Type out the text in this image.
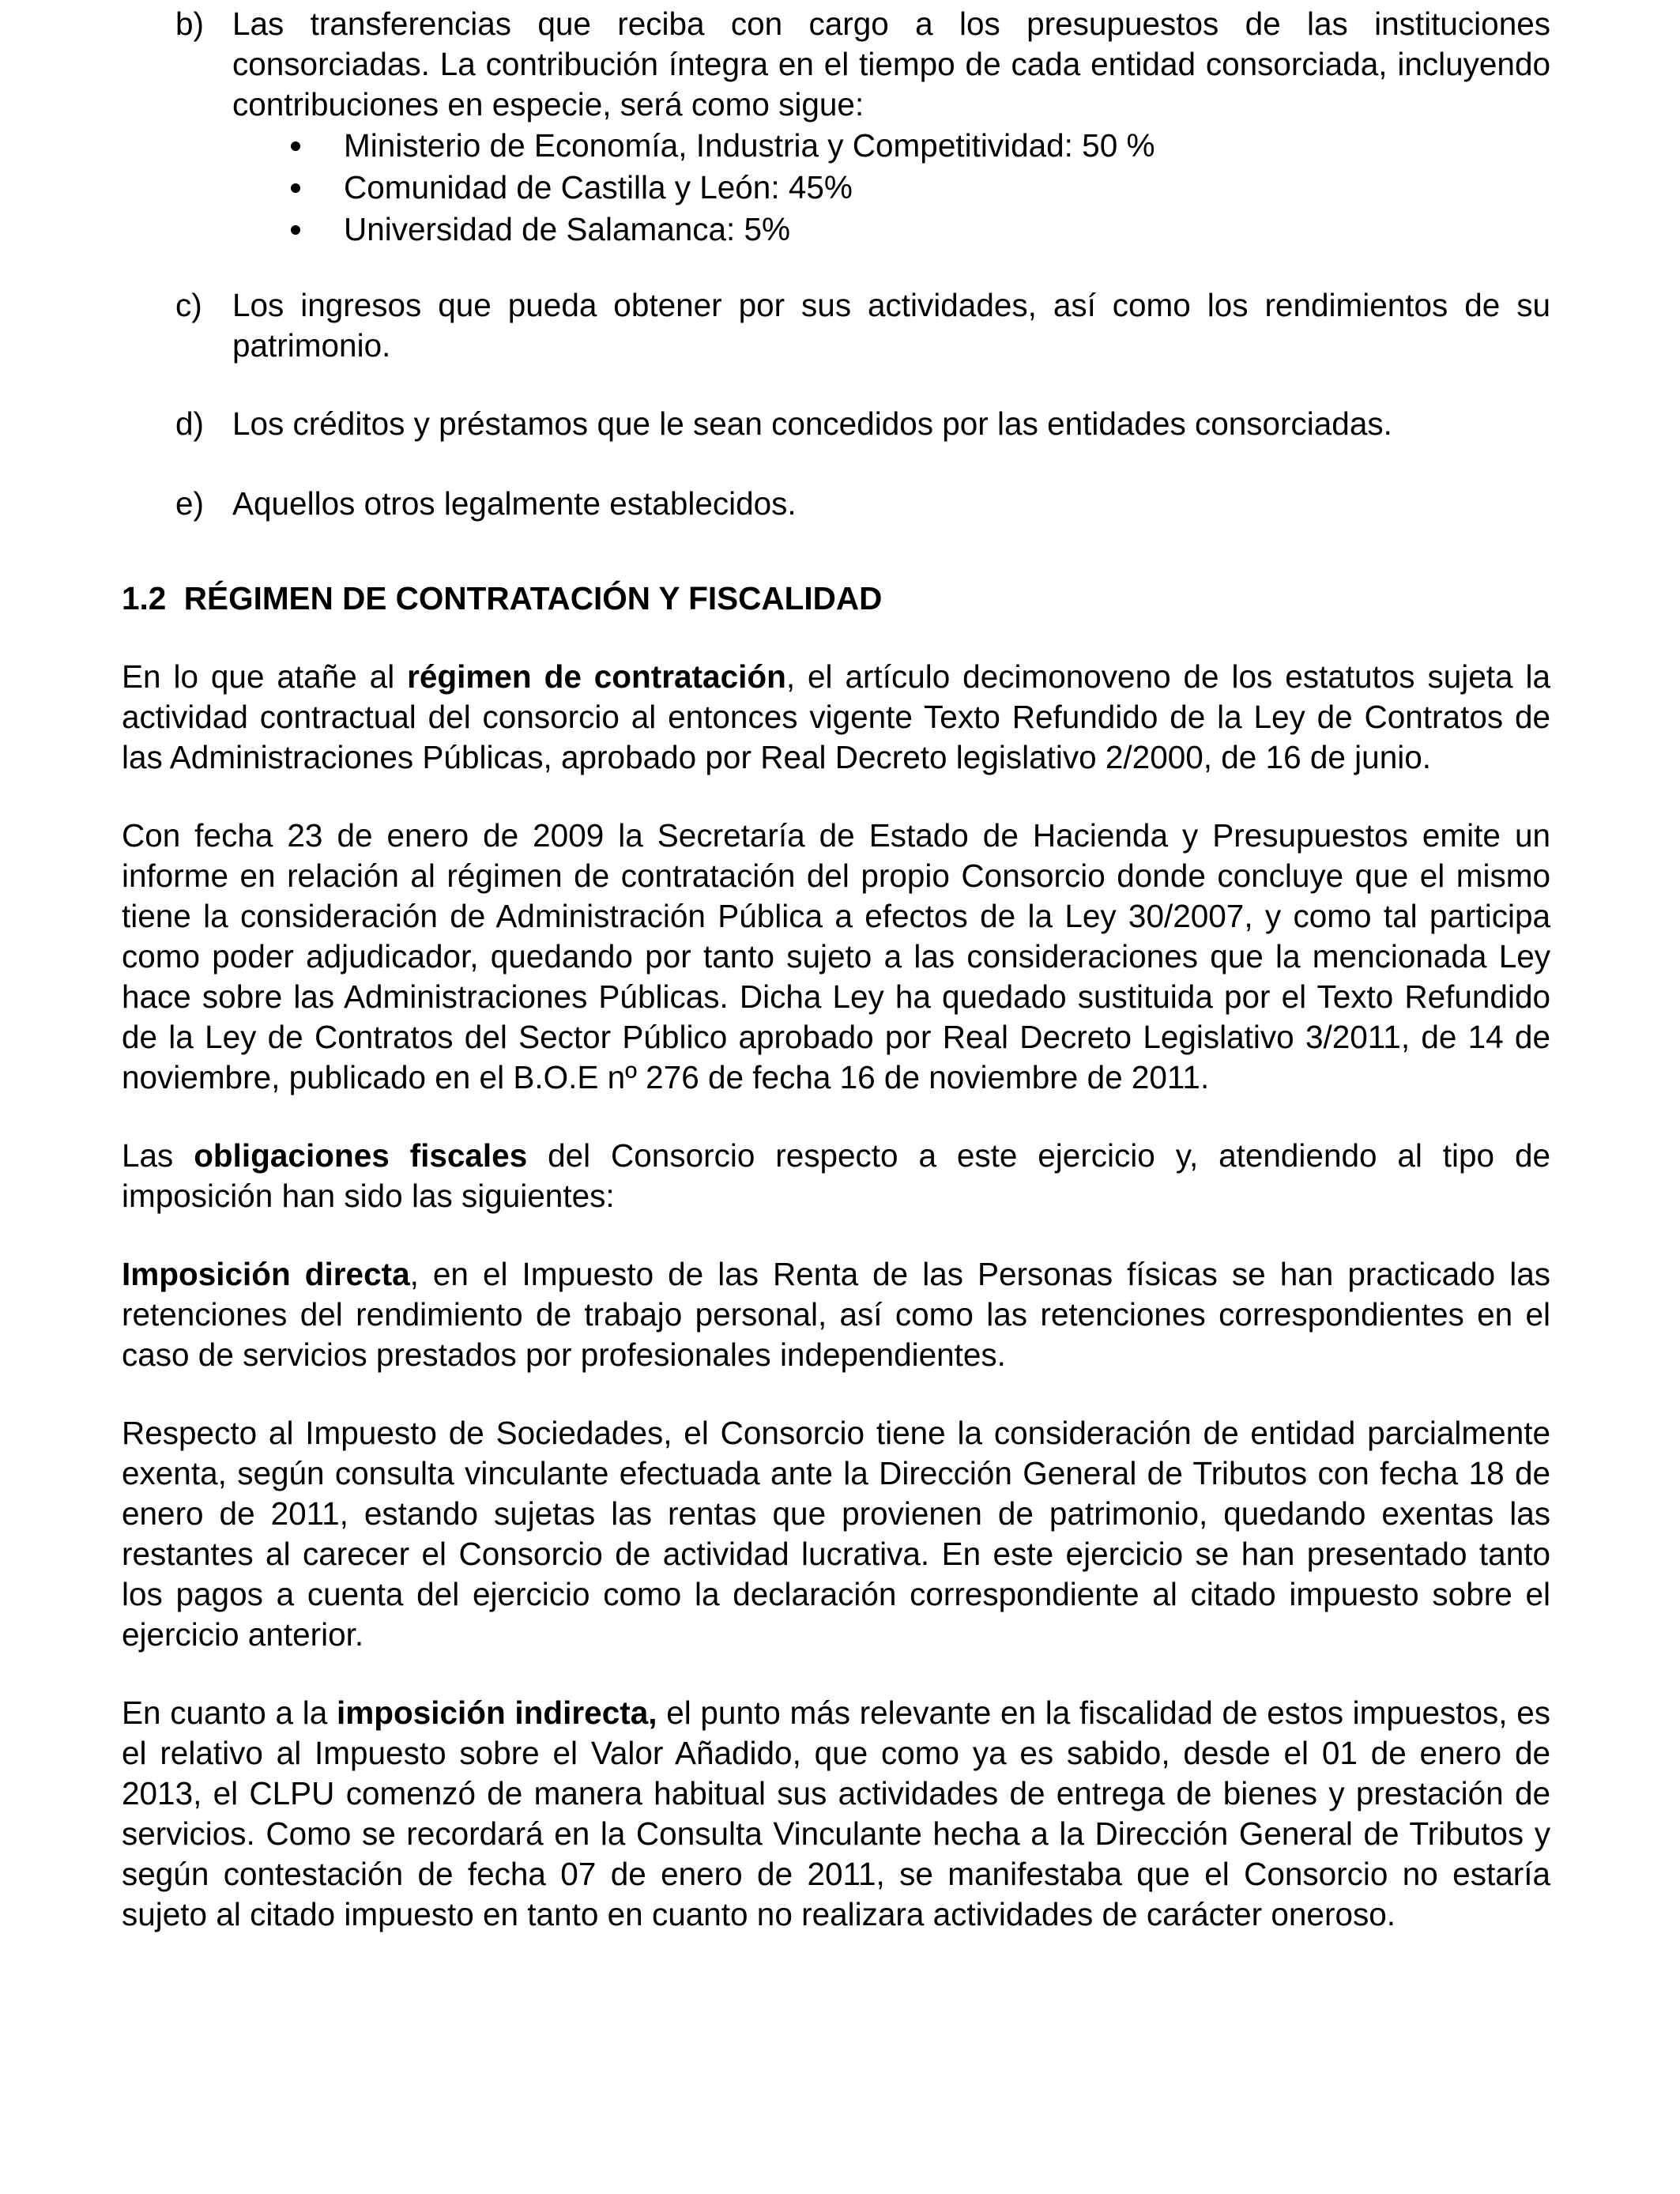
b) Las transferencias que reciba con cargo a los presupuestos de las instituciones consorciadas. La contribución íntegra en el tiempo de cada entidad consorciada, incluyendo contribuciones en especie, será como sigue:
Ministerio de Economía, Industria y Competitividad: 50 %
Comunidad de Castilla y León: 45%
Universidad de Salamanca: 5%
c) Los ingresos que pueda obtener por sus actividades, así como los rendimientos de su patrimonio.
d) Los créditos y préstamos que le sean concedidos por las entidades consorciadas.
e) Aquellos otros legalmente establecidos.
1.2  RÉGIMEN DE CONTRATACIÓN Y FISCALIDAD

En lo que atañe al régimen de contratación, el artículo decimonoveno de los estatutos sujeta la actividad contractual del consorcio al entonces vigente Texto Refundido de la Ley de Contratos de las Administraciones Públicas, aprobado por Real Decreto legislativo 2/2000, de 16 de junio.

Con fecha 23 de enero de 2009 la Secretaría de Estado de Hacienda y Presupuestos emite un informe en relación al régimen de contratación del propio Consorcio donde concluye que el mismo tiene la consideración de Administración Pública a efectos de la Ley 30/2007, y como tal participa como poder adjudicador, quedando por tanto sujeto a las consideraciones que la mencionada Ley hace sobre las Administraciones Públicas. Dicha Ley ha quedado sustituida por el Texto Refundido de la Ley de Contratos del Sector Público aprobado por Real Decreto Legislativo 3/2011, de 14 de noviembre, publicado en el B.O.E nº 276 de fecha 16 de noviembre de 2011.

Las obligaciones fiscales del Consorcio respecto a este ejercicio y, atendiendo al tipo de imposición han sido las siguientes:

Imposición directa, en el Impuesto de las Renta de las Personas físicas se han practicado las retenciones del rendimiento de trabajo personal, así como las retenciones correspondientes en el caso de servicios prestados por profesionales independientes.

Respecto al Impuesto de Sociedades, el Consorcio tiene la consideración de entidad parcialmente exenta, según consulta vinculante efectuada ante la Dirección General de Tributos con fecha 18 de enero de 2011, estando sujetas las rentas que provienen de patrimonio, quedando exentas las restantes al carecer el Consorcio de actividad lucrativa. En este ejercicio se han presentado tanto los pagos a cuenta del ejercicio como la declaración correspondiente al citado impuesto sobre el ejercicio anterior.

En cuanto a la imposición indirecta, el punto más relevante en la fiscalidad de estos impuestos, es el relativo al Impuesto sobre el Valor Añadido, que como ya es sabido, desde el 01 de enero de 2013, el CLPU comenzó de manera habitual sus actividades de entrega de bienes y prestación de servicios. Como se recordará en la Consulta Vinculante hecha a la Dirección General de Tributos y según contestación de fecha 07 de enero de 2011, se manifestaba que el Consorcio no estaría sujeto al citado impuesto en tanto en cuanto no realizara actividades de carácter oneroso.
